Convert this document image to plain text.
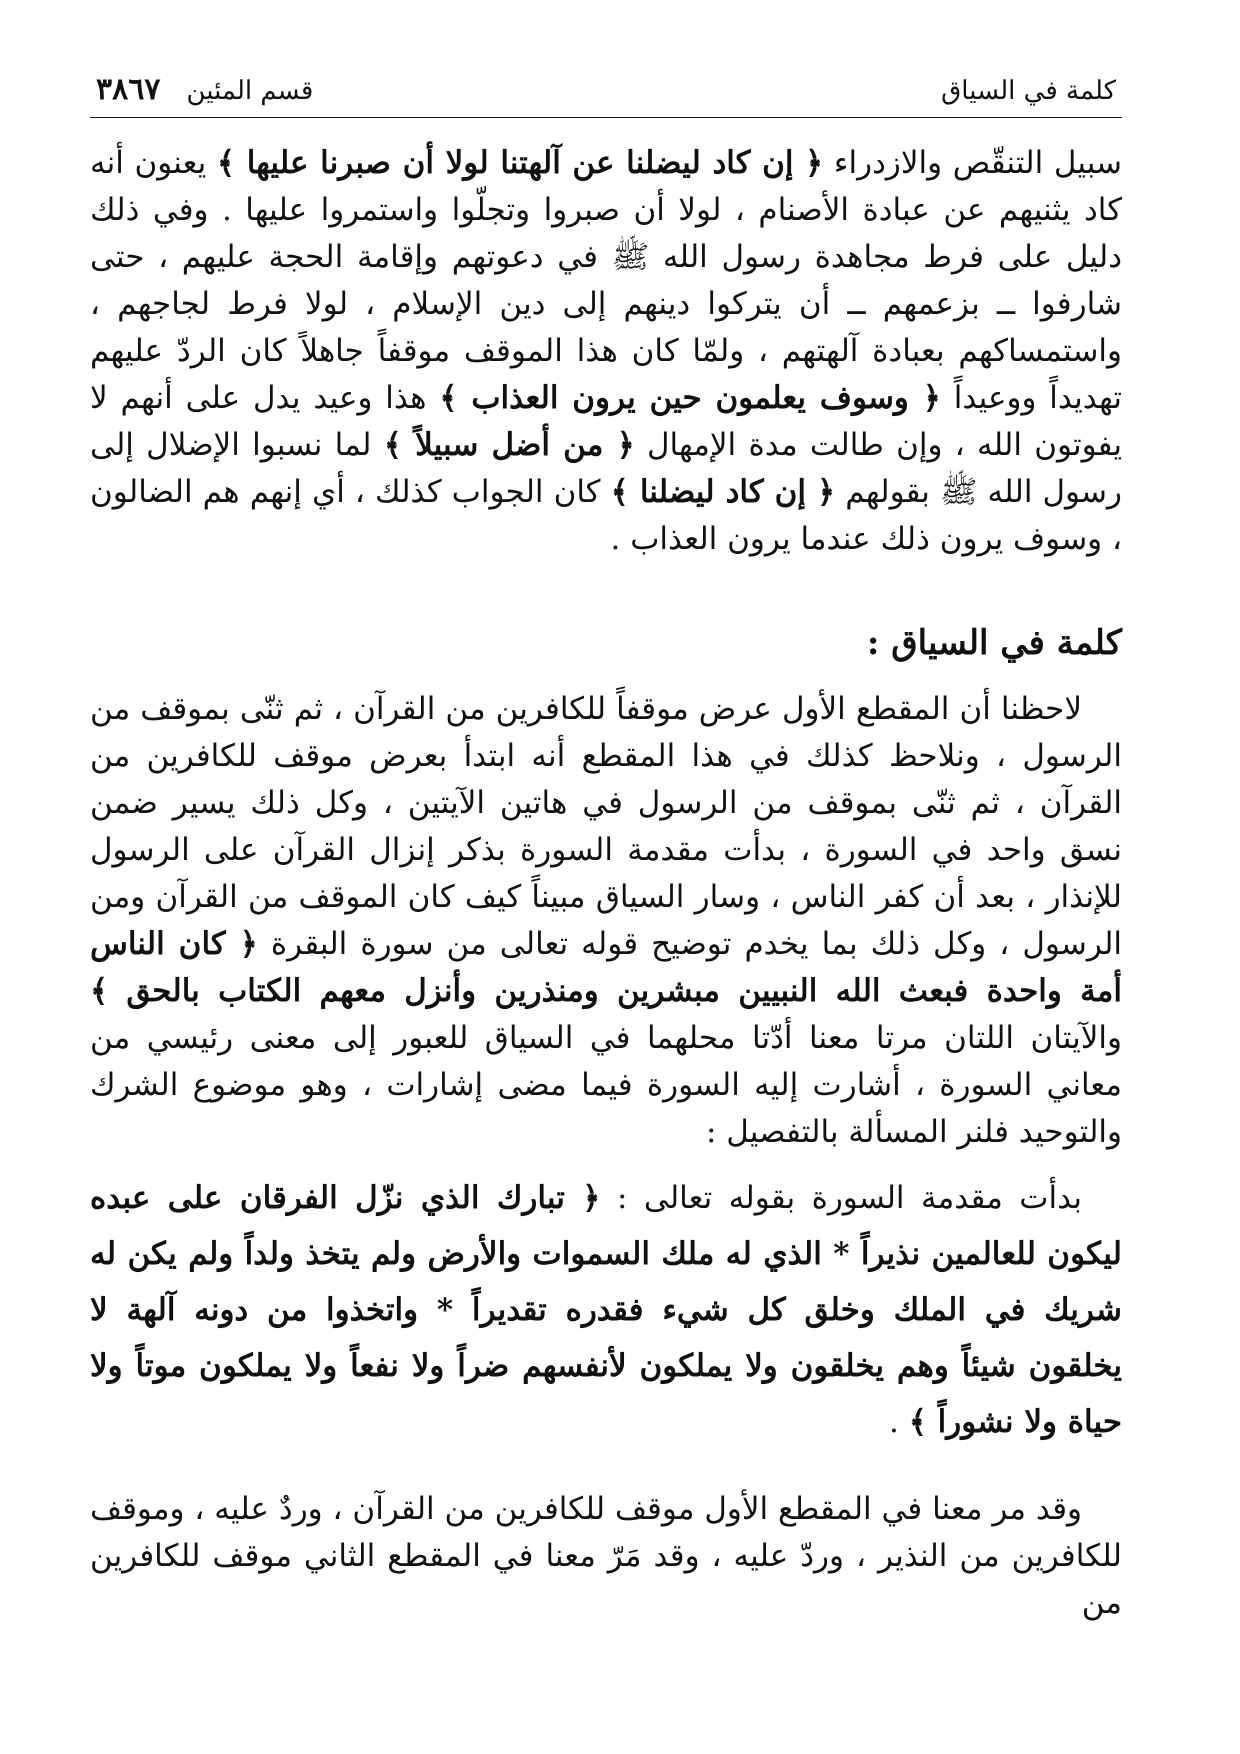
كلمة في السياق
قسم المئين
٣٨٦٧

سبيل التنقّص والازدراء ﴿ إن كاد ليضلنا عن آلهتنا لولا أن صبرنا عليها ﴾ يعنون أنه كاد يثنيهم عن عبادة الأصنام ، لولا أن صبروا وتجلّوا واستمروا عليها . وفي ذلك دليل على فرط مجاهدة رسول الله ﷺ في دعوتهم وإقامة الحجة عليهم ، حتى شارفوا ــ بزعمهم ــ أن يتركوا دينهم إلى دين الإسلام ، لولا فرط لجاجهم ، واستمساكهم بعبادة آلهتهم ، ولمّا كان هذا الموقف موقفاً جاهلاً كان الردّ عليهم تهديداً ووعيداً ﴿ وسوف يعلمون حين يرون العذاب ﴾ هذا وعيد يدل على أنهم لا يفوتون الله ، وإن طالت مدة الإمهال ﴿ من أضل سبيلاً ﴾ لما نسبوا الإضلال إلى رسول الله ﷺ بقولهم ﴿ إن كاد ليضلنا ﴾ كان الجواب كذلك ، أي إنهم هم الضالون ، وسوف يرون ذلك عندما يرون العذاب .

كلمة في السياق :

لاحظنا أن المقطع الأول عرض موقفاً للكافرين من القرآن ، ثم ثنّى بموقف من الرسول ، ونلاحظ كذلك في هذا المقطع أنه ابتدأ بعرض موقف للكافرين من القرآن ، ثم ثنّى بموقف من الرسول في هاتين الآيتين ، وكل ذلك يسير ضمن نسق واحد في السورة ، بدأت مقدمة السورة بذكر إنزال القرآن على الرسول للإنذار ، بعد أن كفر الناس ، وسار السياق مبيناً كيف كان الموقف من القرآن ومن الرسول ، وكل ذلك بما يخدم توضيح قوله تعالى من سورة البقرة ﴿ كان الناس أمة واحدة فبعث الله النبيين مبشرين ومنذرين وأنزل معهم الكتاب بالحق ﴾ والآيتان اللتان مرتا معنا أدّتا محلهما في السياق للعبور إلى معنى رئيسي من معاني السورة ، أشارت إليه السورة فيما مضى إشارات ، وهو موضوع الشرك والتوحيد فلنر المسألة بالتفصيل :

بدأت مقدمة السورة بقوله تعالى : ﴿ تبارك الذي نزّل الفرقان على عبده ليكون للعالمين نذيراً * الذي له ملك السموات والأرض ولم يتخذ ولداً ولم يكن له شريك في الملك وخلق كل شيء فقدره تقديراً * واتخذوا من دونه آلهة لا يخلقون شيئاً وهم يخلقون ولا يملكون لأنفسهم ضراً ولا نفعاً ولا يملكون موتاً ولا حياة ولا نشوراً ﴾ .

وقد مر معنا في المقطع الأول موقف للكافرين من القرآن ، وردٌ عليه ، وموقف للكافرين من النذير ، وردّ عليه ، وقد مَرّ معنا في المقطع الثاني موقف للكافرين من
